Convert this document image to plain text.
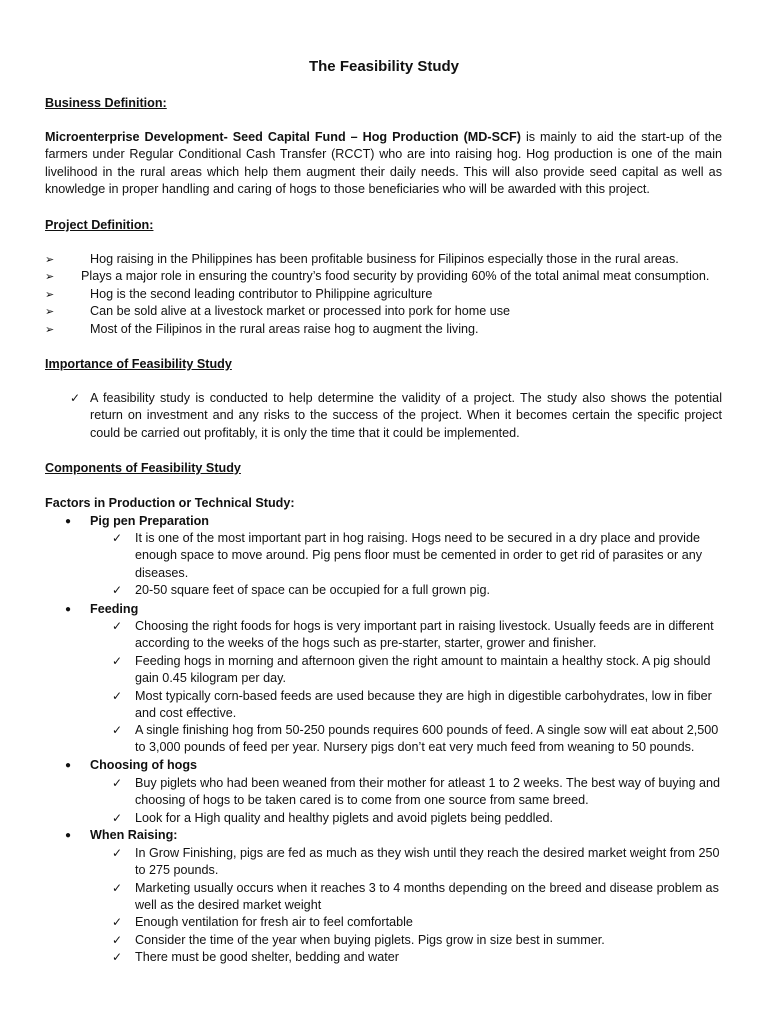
The Feasibility Study
Business Definition:
Microenterprise Development- Seed Capital Fund – Hog Production (MD-SCF) is mainly to aid the start-up of the farmers under Regular Conditional Cash Transfer (RCCT) who are into raising hog. Hog production is one of the main livelihood in the rural areas which help them augment their daily needs. This will also provide seed capital as well as knowledge in proper handling and caring of hogs to those beneficiaries who will be awarded with this project.
Project Definition:
➢	Hog raising in the Philippines has been profitable business for Filipinos especially those in the rural areas.
➢ Plays a major role in ensuring the country’s food security by providing 60% of the total animal meat consumption.
➢	Hog is the second leading contributor to Philippine agriculture
➢	Can be sold alive at a livestock market or processed into pork for home use
➢	Most of the Filipinos in the rural areas raise hog to augment the living.
Importance of Feasibility Study
✓ A feasibility study is conducted to help determine the validity of a project. The study also shows the potential return on investment and any risks to the success of the project. When it becomes certain the specific project could be carried out profitably, it is only the time that it could be implemented.
Components of Feasibility Study
Factors in Production or Technical Study:
● Pig pen Preparation
✓ It is one of the most important part in hog raising. Hogs need to be secured in a dry place and provide enough space to move around. Pig pens floor must be cemented in order to get rid of parasites or any diseases.
✓ 20-50 square feet of space can be occupied for a full grown pig.
● Feeding
✓ Choosing the right foods for hogs is very important part in raising livestock. Usually feeds are in different according to the weeks of the hogs such as pre-starter, starter, grower and finisher.
✓ Feeding hogs in morning and afternoon given the right amount to maintain a healthy stock. A pig should gain 0.45 kilogram per day.
✓ Most typically corn-based feeds are used because they are high in digestible carbohydrates, low in fiber and cost effective.
✓ A single finishing hog from 50-250 pounds requires 600 pounds of feed. A single sow will eat about 2,500 to 3,000 pounds of feed per year. Nursery pigs don’t eat very much feed from weaning to 50 pounds.
● Choosing of hogs
✓ Buy piglets who had been weaned from their mother for atleast 1 to 2 weeks. The best way of buying and choosing of hogs to be taken cared is to come from one source from same breed.
✓ Look for a High quality and healthy piglets and avoid piglets being peddled.
● When Raising:
✓ In Grow Finishing, pigs are fed as much as they wish until they reach the desired market weight from 250 to 275 pounds.
✓ Marketing usually occurs when it reaches 3 to 4 months depending on the breed and disease problem as well as the desired market weight
✓ Enough ventilation for fresh air to feel comfortable
✓ Consider the time of the year when buying piglets. Pigs grow in size best in summer.
✓ There must be good shelter, bedding and water
